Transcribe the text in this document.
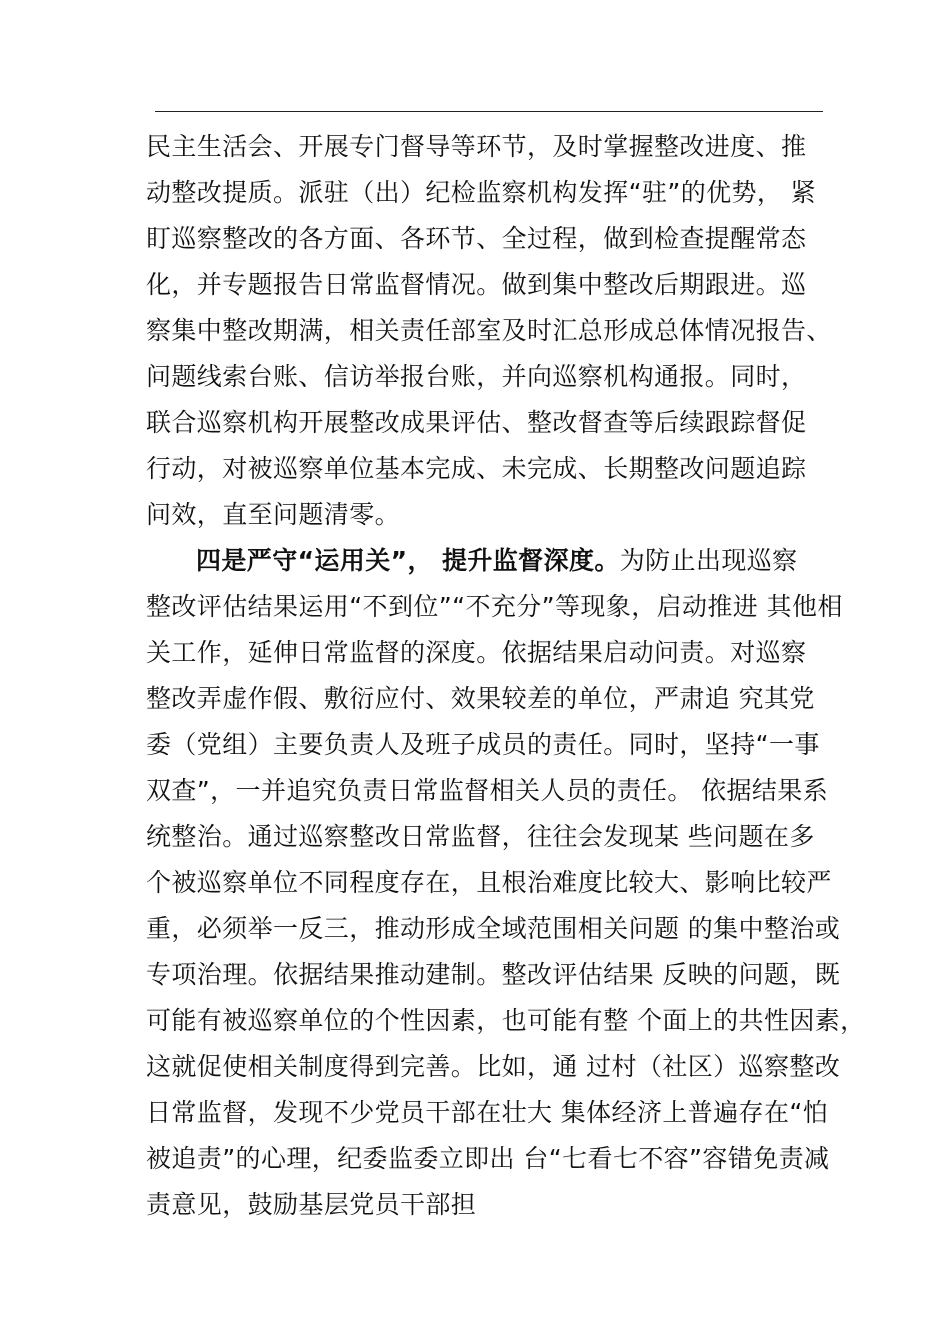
民主生活会、开展专门督导等环节，及时掌握整改进度、推
动整改提质。派驻（出）纪检监察机构发挥“驻”的优势， 紧
盯巡察整改的各方面、各环节、全过程，做到检查提醒常态
化，并专题报告日常监督情况。做到集中整改后期跟进。巡
察集中整改期满，相关责任部室及时汇总形成总体情况报告、
问题线索台账、信访举报台账，并向巡察机构通报。同时，
联合巡察机构开展整改成果评估、整改督查等后续跟踪督促
行动，对被巡察单位基本完成、未完成、长期整改问题追踪
问效，直至问题清零。
四是严守“运用关”， 提升监督深度。为防止出现巡察
整改评估结果运用“不到位”“不充分”等现象，启动推进 其他相
关工作，延伸日常监督的深度。依据结果启动问责。对巡察
整改弄虚作假、敷衍应付、效果较差的单位，严肃追 究其党
委（党组）主要负责人及班子成员的责任。同时，坚持“一事
双查”，一并追究负责日常监督相关人员的责任。 依据结果系
统整治。通过巡察整改日常监督，往往会发现某 些问题在多
个被巡察单位不同程度存在，且根治难度比较大、影响比较严
重，必须举一反三，推动形成全域范围相关问题 的集中整治或
专项治理。依据结果推动建制。整改评估结果 反映的问题，既
可能有被巡察单位的个性因素，也可能有整 个面上的共性因素，
这就促使相关制度得到完善。比如，通 过村（社区）巡察整改
日常监督，发现不少党员干部在壮大 集体经济上普遍存在“怕
被追责”的心理，纪委监委立即出 台“七看七不容”容错免责减
责意见，鼓励基层党员干部担
